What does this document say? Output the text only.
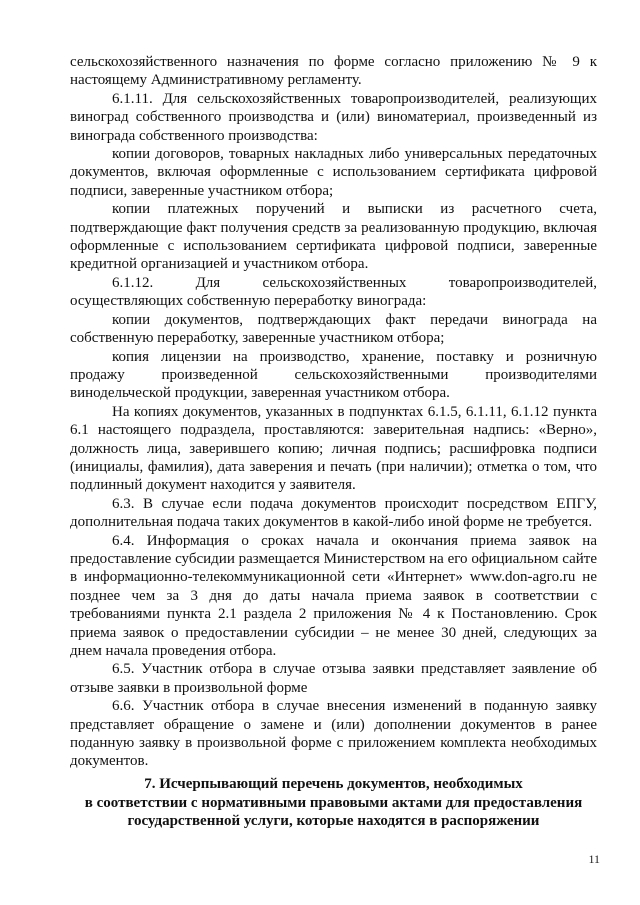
сельскохозяйственного назначения по форме согласно приложению № 9 к настоящему Административному регламенту.

6.1.11. Для сельскохозяйственных товаропроизводителей, реализующих виноград собственного производства и (или) виноматериал, произведенный из винограда собственного производства:

копии договоров, товарных накладных либо универсальных передаточных документов, включая оформленные с использованием сертификата цифровой подписи, заверенные участником отбора;

копии платежных поручений и выписки из расчетного счета, подтверждающие факт получения средств за реализованную продукцию, включая оформленные с использованием сертификата цифровой подписи, заверенные кредитной организацией и участником отбора.

6.1.12. Для сельскохозяйственных товаропроизводителей, осуществляющих собственную переработку винограда:

копии документов, подтверждающих факт передачи винограда на собственную переработку, заверенные участником отбора;

копия лицензии на производство, хранение, поставку и розничную продажу произведенной сельскохозяйственными производителями винодельческой продукции, заверенная участником отбора.

На копиях документов, указанных в подпунктах 6.1.5, 6.1.11, 6.1.12 пункта 6.1 настоящего подраздела, проставляются: заверительная надпись: «Верно», должность лица, заверившего копию; личная подпись; расшифровка подписи (инициалы, фамилия), дата заверения и печать (при наличии); отметка о том, что подлинный документ находится у заявителя.

6.3. В случае если подача документов происходит посредством ЕПГУ, дополнительная подача таких документов в какой-либо иной форме не требуется.

6.4. Информация о сроках начала и окончания приема заявок на предоставление субсидии размещается Министерством на его официальном сайте в информационно-телекоммуникационной сети «Интернет» www.don-agro.ru не позднее чем за 3 дня до даты начала приема заявок в соответствии с требованиями пункта 2.1 раздела 2 приложения № 4 к Постановлению. Срок приема заявок о предоставлении субсидии – не менее 30 дней, следующих за днем начала проведения отбора.

6.5. Участник отбора в случае отзыва заявки представляет заявление об отзыве заявки в произвольной форме

6.6. Участник отбора в случае внесения изменений в поданную заявку представляет обращение о замене и (или) дополнении документов в ранее поданную заявку в произвольной форме с приложением комплекта необходимых документов.

7. Исчерпывающий перечень документов, необходимых
в соответствии с нормативными правовыми актами для предоставления
государственной услуги, которые находятся в распоряжении
11
